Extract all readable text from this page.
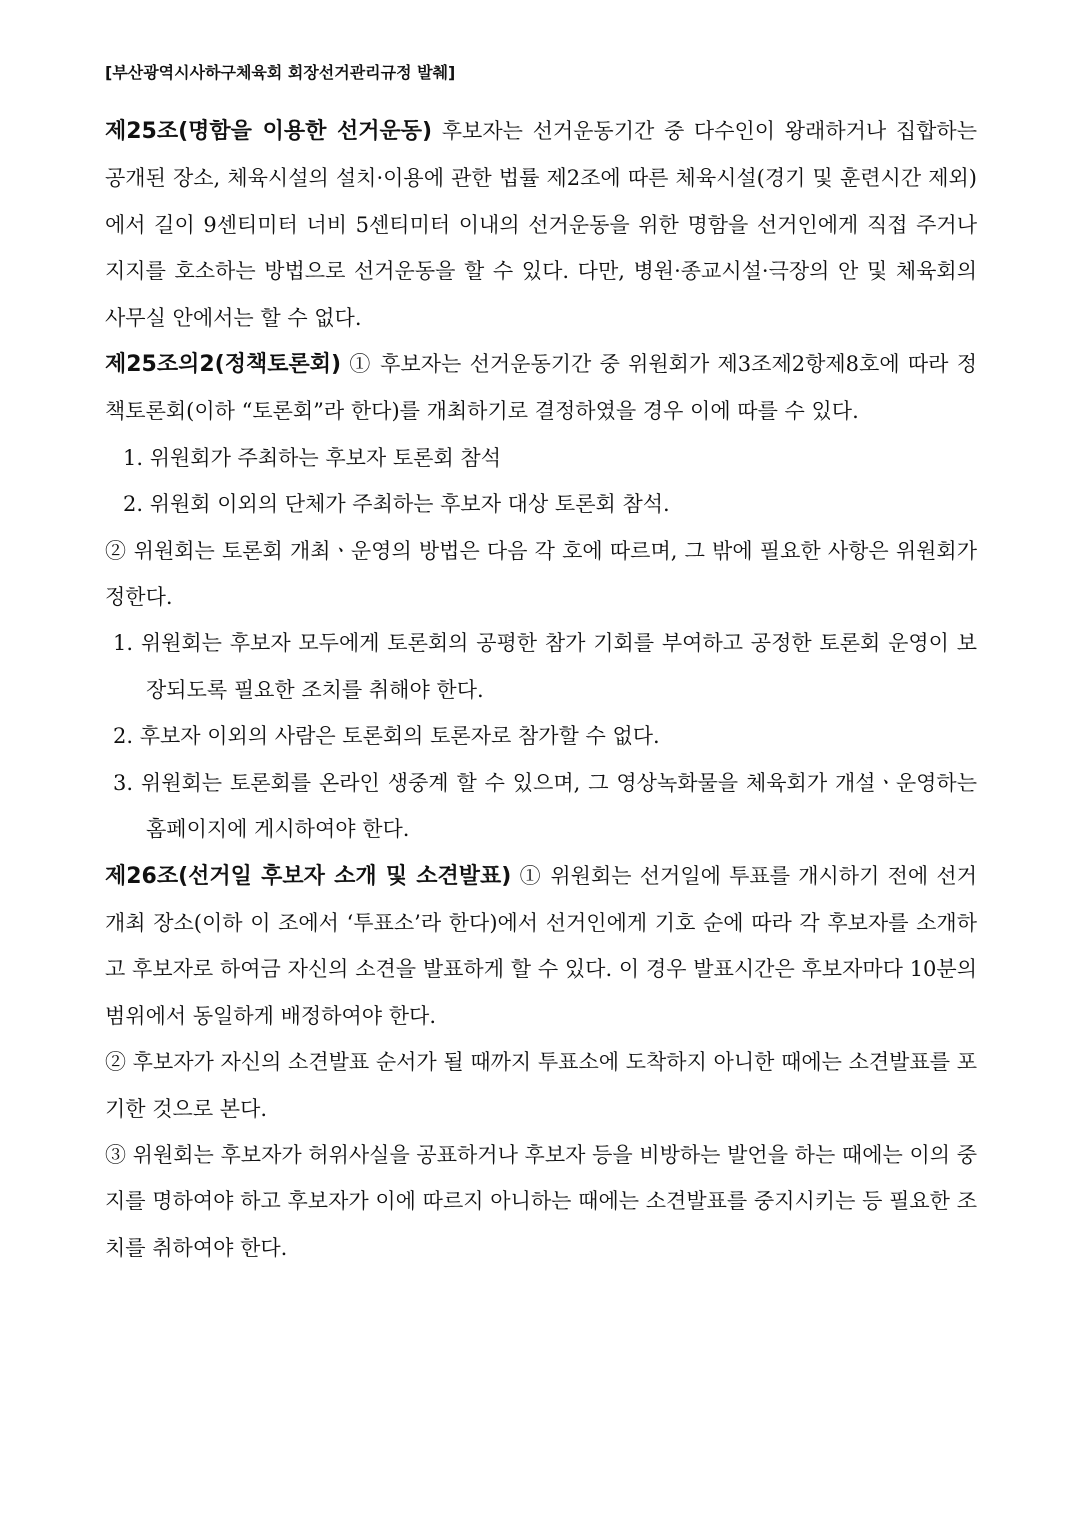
[부산광역시사하구체육회 회장선거관리규정 발췌]

제25조(명함을 이용한 선거운동) 후보자는 선거운동기간 중 다수인이 왕래하거나 집합하는 공개된 장소, 체육시설의 설치·이용에 관한 법률 제2조에 따른 체육시설(경기 및 훈련시간 제외)에서 길이 9센티미터 너비 5센티미터 이내의 선거운동을 위한 명함을 선거인에게 직접 주거나 지지를 호소하는 방법으로 선거운동을 할 수 있다. 다만, 병원·종교시설·극장의 안 및 체육회의 사무실 안에서는 할 수 없다.

제25조의2(정책토론회) ① 후보자는 선거운동기간 중 위원회가 제3조제2항제8호에 따라 정책토론회(이하 “토론회”라 한다)를 개최하기로 결정하였을 경우 이에 따를 수 있다.

1. 위원회가 주최하는 후보자 토론회 참석

2. 위원회 이외의 단체가 주최하는 후보자 대상 토론회 참석.

② 위원회는 토론회 개최ㆍ운영의 방법은 다음 각 호에 따르며, 그 밖에 필요한 사항은 위원회가 정한다.

1. 위원회는 후보자 모두에게 토론회의 공평한 참가 기회를 부여하고 공정한 토론회 운영이 보장되도록 필요한 조치를 취해야 한다.

2. 후보자 이외의 사람은 토론회의 토론자로 참가할 수 없다.

3. 위원회는 토론회를 온라인 생중계 할 수 있으며, 그 영상녹화물을 체육회가 개설ㆍ운영하는 홈페이지에 게시하여야 한다.

제26조(선거일 후보자 소개 및 소견발표) ① 위원회는 선거일에 투표를 개시하기 전에 선거 개최 장소(이하 이 조에서 ‘투표소’라 한다)에서 선거인에게 기호 순에 따라 각 후보자를 소개하고 후보자로 하여금 자신의 소견을 발표하게 할 수 있다. 이 경우 발표시간은 후보자마다 10분의 범위에서 동일하게 배정하여야 한다.

② 후보자가 자신의 소견발표 순서가 될 때까지 투표소에 도착하지 아니한 때에는 소견발표를 포기한 것으로 본다.

③ 위원회는 후보자가 허위사실을 공표하거나 후보자 등을 비방하는 발언을 하는 때에는 이의 중지를 명하여야 하고 후보자가 이에 따르지 아니하는 때에는 소견발표를 중지시키는 등 필요한 조치를 취하여야 한다.
